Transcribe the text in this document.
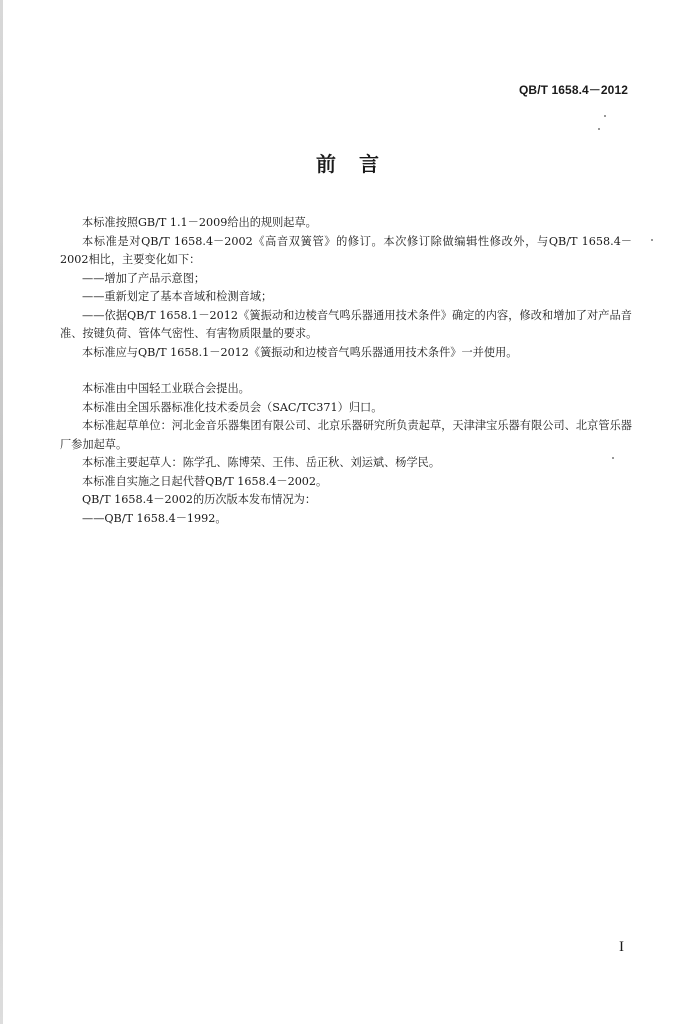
QB/T 1658.4－2012
前 言

本标准按照GB/T 1.1－2009给出的规则起草。

本标准是对QB/T 1658.4－2002《高音双簧管》的修订。本次修订除做编辑性修改外，与QB/T 1658.4－2002相比，主要变化如下：

——增加了产品示意图；

——重新划定了基本音域和检测音域；

——依据QB/T 1658.1－2012《簧振动和边棱音气鸣乐器通用技术条件》确定的内容，修改和增加了对产品音准、按键负荷、管体气密性、有害物质限量的要求。

本标准应与QB/T 1658.1－2012《簧振动和边棱音气鸣乐器通用技术条件》一并使用。

本标准由中国轻工业联合会提出。

本标准由全国乐器标准化技术委员会（SAC/TC371）归口。

本标准起草单位：河北金音乐器集团有限公司、北京乐器研究所负责起草，天津津宝乐器有限公司、北京管乐器厂参加起草。

本标准主要起草人：陈学孔、陈博荣、王伟、岳正秋、刘运斌、杨学民。

本标准自实施之日起代替QB/T 1658.4－2002。

QB/T 1658.4－2002的历次版本发布情况为：

——QB/T 1658.4－1992。

I
